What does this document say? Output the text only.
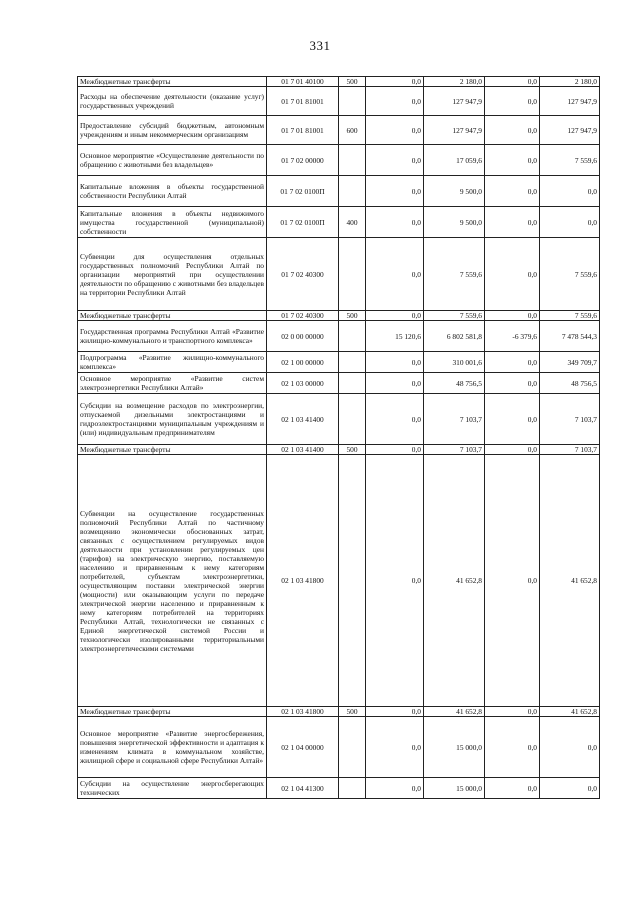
331
Межбюджетные трансферты	01 7 01 40100	500	0,0	2 180,0	0,0	2 180,0
Расходы на обеспечение деятельности (оказание услуг) государственных учреждений	01 7 01 81001		0,0	127 947,9	0,0	127 947,9
Предоставление субсидий бюджетным, автономным учреждениям и иным некоммерческим организациям	01 7 01 81001	600	0,0	127 947,9	0,0	127 947,9
Основное мероприятие «Осуществление деятельности по обращению с животными без владельцев»	01 7 02 00000		0,0	17 059,6	0,0	7 559,6
Капитальные вложения в объекты государственной собственности Республики Алтай	01 7 02 0100П		0,0	9 500,0	0,0	0,0
Капитальные вложения в объекты недвижимого имущества государственной (муниципальной) собственности	01 7 02 0100П	400	0,0	9 500,0	0,0	0,0
Субвенции для осуществления отдельных государственных полномочий Республики Алтай по организации мероприятий при осуществлении деятельности по обращению с животными без владельцев на территории Республики Алтай	01 7 02 40300		0,0	7 559,6	0,0	7 559,6
Межбюджетные трансферты	01 7 02 40300	500	0,0	7 559,6	0,0	7 559,6
Государственная программа Республики Алтай «Развитие жилищно-коммунального и транспортного комплекса»	02 0 00 00000		15 120,6	6 802 581,8	-6 379,6	7 478 544,3
Подпрограмма «Развитие жилищно-коммунального комплекса»	02 1 00 00000		0,0	310 001,6	0,0	349 709,7
Основное мероприятие «Развитие систем электроэнергетики Республики Алтай»	02 1 03 00000		0,0	48 756,5	0,0	48 756,5
Субсидии на возмещение расходов по электроэнергии, отпускаемой дизельными электростанциями и гидроэлектростанциями муниципальным учреждениям и (или) индивидуальным предпринимателям	02 1 03 41400		0,0	7 103,7	0,0	7 103,7
Межбюджетные трансферты	02 1 03 41400	500	0,0	7 103,7	0,0	7 103,7
Субвенции на осуществление государственных полномочий Республики Алтай по частичному возмещению экономически обоснованных затрат, связанных с осуществлением регулируемых видов деятельности при установлении регулируемых цен (тарифов) на электрическую энергию, поставляемую населению и приравненным к нему категориям потребителей, субъектам электроэнергетики, осуществляющим поставки электрической энергии (мощности) или оказывающим услуги по передаче электрической энергии населению и приравненным к нему категориям потребителей на территориях Республики Алтай, технологически не связанных с Единой энергетической системой России и технологически изолированными территориальными электроэнергетическими системами	02 1 03 41800		0,0	41 652,8	0,0	41 652,8
Межбюджетные трансферты	02 1 03 41800	500	0,0	41 652,8	0,0	41 652,8
Основное мероприятие «Развитие энергосбережения, повышения энергетической эффективности и адаптация к изменениям климата в коммунальном хозяйстве, жилищной сфере и социальной сфере Республики Алтай»	02 1 04 00000		0,0	15 000,0	0,0	0,0
Субсидии на осуществление энергосберегающих технических	02 1 04 41300		0,0	15 000,0	0,0	0,0
